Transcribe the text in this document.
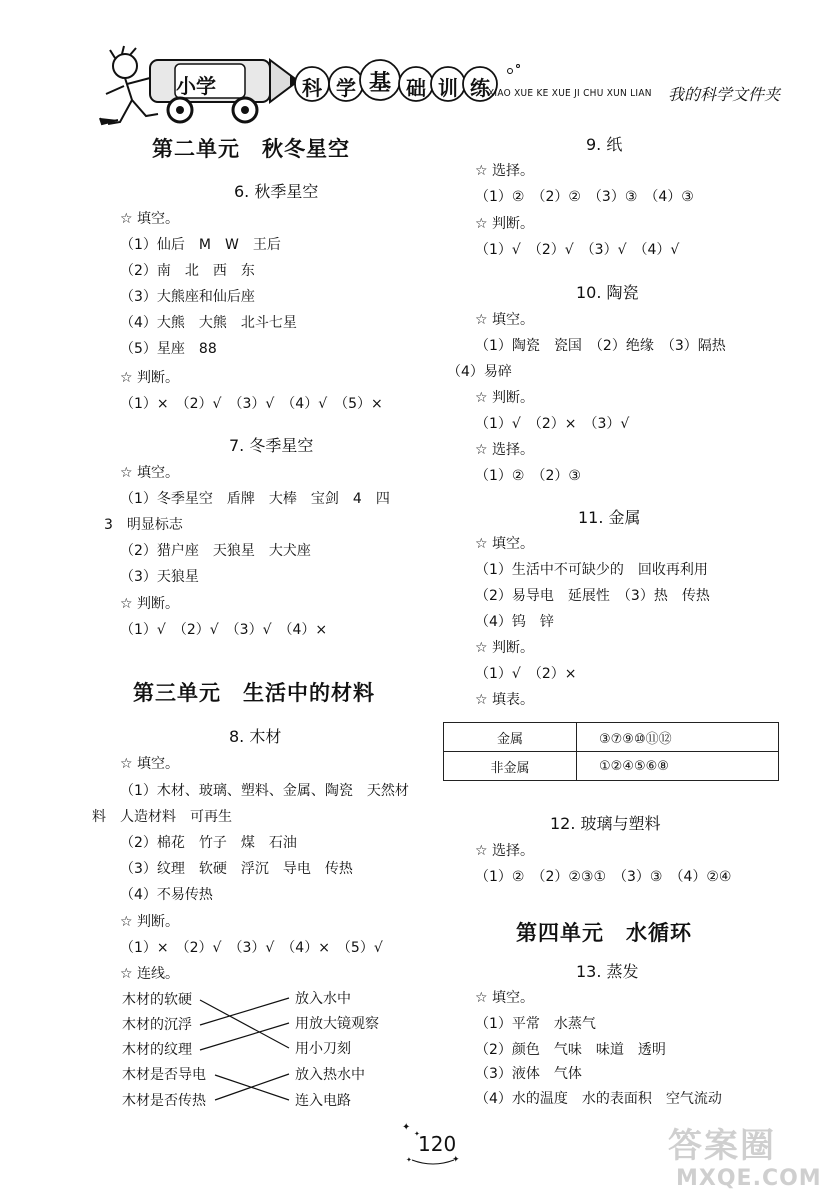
小学	科 学 基 础 训 练
XIAO XUE KE XUE JI CHU XUN LIAN 我的科学文件夹
第二单元　秋冬星空
6. 秋季星空
☆ 填空。
（1）仙后　M　W　王后
（2）南　北　西　东
（3）大熊座和仙后座
（4）大熊　大熊　北斗七星
（5）星座　88
☆ 判断。
（1）×　（2）√　（3）√　（4）√　（5）×
7. 冬季星空
☆ 填空。
（1）冬季星空　盾牌　大棒　宝剑　4　四
3　明显标志
（2）猎户座　天狼星　大犬座
（3）天狼星
☆ 判断。
（1）√　（2）√　（3）√　（4）×
第三单元　生活中的材料
8. 木材
☆ 填空。
（1）木材、玻璃、塑料、金属、陶瓷　天然材
料　人造材料　可再生
（2）棉花　竹子　煤　石油
（3）纹理　软硬　浮沉　导电　传热
（4）不易传热
☆ 判断。
（1）×　（2）√　（3）√　（4）×　（5）√
☆ 连线。
木材的软硬
木材的沉浮
木材的纹理
木材是否导电
木材是否传热
放入水中
用放大镜观察
用小刀刻
放入热水中
连入电路
9. 纸
☆ 选择。
（1）②　（2）②　（3）③　（4）③
☆ 判断。
（1）√　（2）√　（3）√　（4）√
10. 陶瓷
☆ 填空。
（1）陶瓷　瓷国　（2）绝缘　（3）隔热
（4）易碎
☆ 判断。
（1）√　（2）×　（3）√
☆ 选择。
（1）②　（2）③
11. 金属
☆ 填空。
（1）生活中不可缺少的　回收再利用
（2）易导电　延展性　（3）热　传热
（4）钨　锌
☆ 判断。
（1）√　（2）×
☆ 填表。
金属	③⑦⑨⑩⑪⑫
非金属	①②④⑤⑥⑧
12. 玻璃与塑料
☆ 选择。
（1）②　（2）②③①　（3）③　（4）②④
第四单元　水循环
13. 蒸发
☆ 填空。
（1）平常　水蒸气
（2）颜色　气味　味道　透明
（3）液体　气体
（4）水的温度　水的表面积　空气流动
✦
✦
✦
✦
120	答案圈
MXQE.COM
